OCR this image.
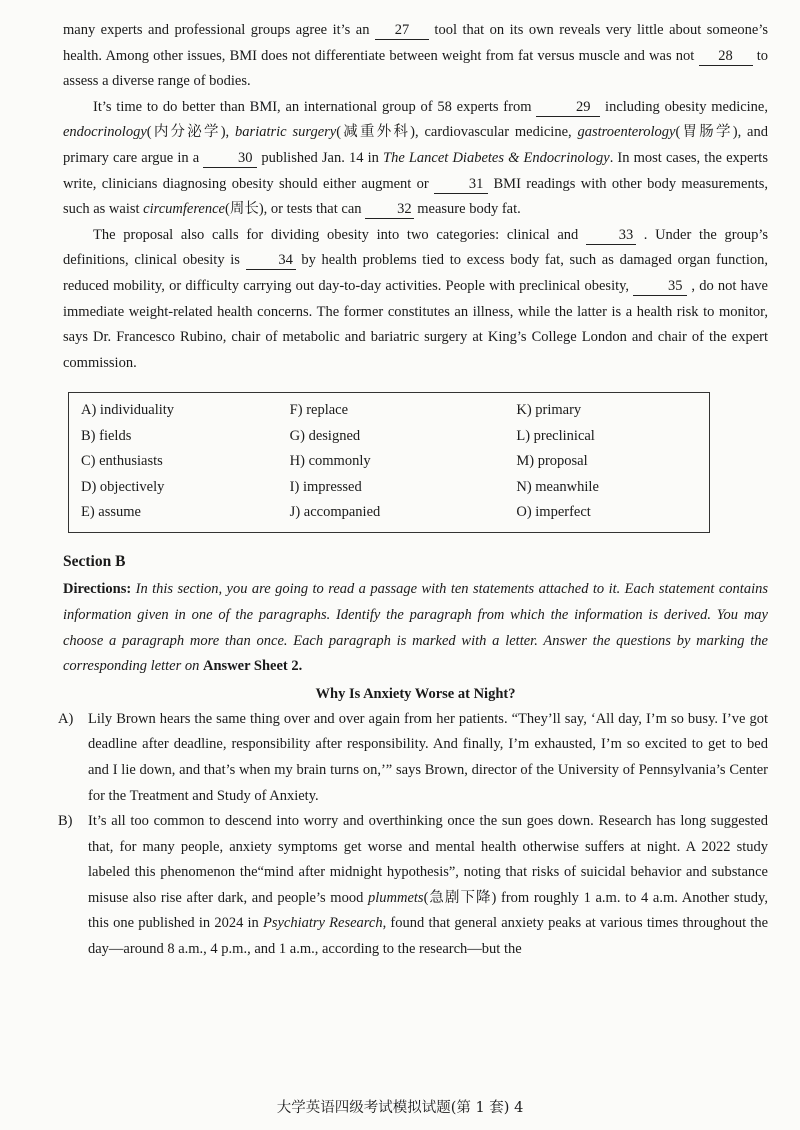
many experts and professional groups agree it’s an 27 tool that on its own reveals very little about someone’s health. Among other issues, BMI does not differentiate between weight from fat versus muscle and was not 28 to assess a diverse range of bodies.

It’s time to do better than BMI, an international group of 58 experts from	29 including obesity medicine, endocrinology(内分泌学), bariatric surgery(减重外科), cardiovascular medicine, gastroenterology(胃肠学), and primary care argue in a 30 published Jan. 14 in The Lancet Diabetes & Endocrinology. In most cases, the experts write, clinicians diagnosing obesity should either augment or 31 BMI readings with other body measurements, such as waist circumference(周长), or tests that can 32 measure body fat.

The proposal also calls for dividing obesity into two categories: clinical and 33 . Under the group’s definitions, clinical obesity is 34 by health problems tied to excess body fat, such as damaged organ function, reduced mobility, or difficulty carrying out day-to-day activities. People with preclinical obesity, 35 , do not have immediate weight-related health concerns. The former constitutes an illness, while the latter is a health risk to monitor, says Dr. Francesco Rubino, chair of metabolic and bariatric surgery at King’s College London and chair of the expert commission.

A) individuality	F) replace	K) primary
B) fields	G) designed	L) preclinical
C) enthusiasts	H) commonly	M) proposal
D) objectively	I) impressed	N) meanwhile
E) assume	J) accompanied	O) imperfect
Section B

Directions: In this section, you are going to read a passage with ten statements attached to it. Each statement contains information given in one of the paragraphs. Identify the paragraph from which the information is derived. You may choose a paragraph more than once. Each paragraph is marked with a letter. Answer the questions by marking the corresponding letter on Answer Sheet 2.

Why Is Anxiety Worse at Night?
A)	Lily Brown hears the same thing over and over again from her patients. “They’ll say, ‘All day, I’m so busy. I’ve got deadline after deadline, responsibility after responsibility. And finally, I’m exhausted, I’m so excited to get to bed and I lie down, and that’s when my brain turns on,’” says Brown, director of the University of Pennsylvania’s Center for the Treatment and Study of Anxiety.

B)	It’s all too common to descend into worry and overthinking once the sun goes down. Research has long suggested that, for many people, anxiety symptoms get worse and mental health otherwise suffers at night. A 2022 study labeled this phenomenon the“mind after midnight hypothesis”, noting that risks of suicidal behavior and substance misuse also rise after dark, and people’s mood plummets(急剧下降) from roughly 1 a.m. to 4 a.m. Another study, this one published in 2024 in Psychiatry Research, found that general anxiety peaks at various times throughout the day—around 8 a.m., 4 p.m., and 1 a.m., according to the research—but the

大学英语四级考试模拟试题(第 1 套) 4
